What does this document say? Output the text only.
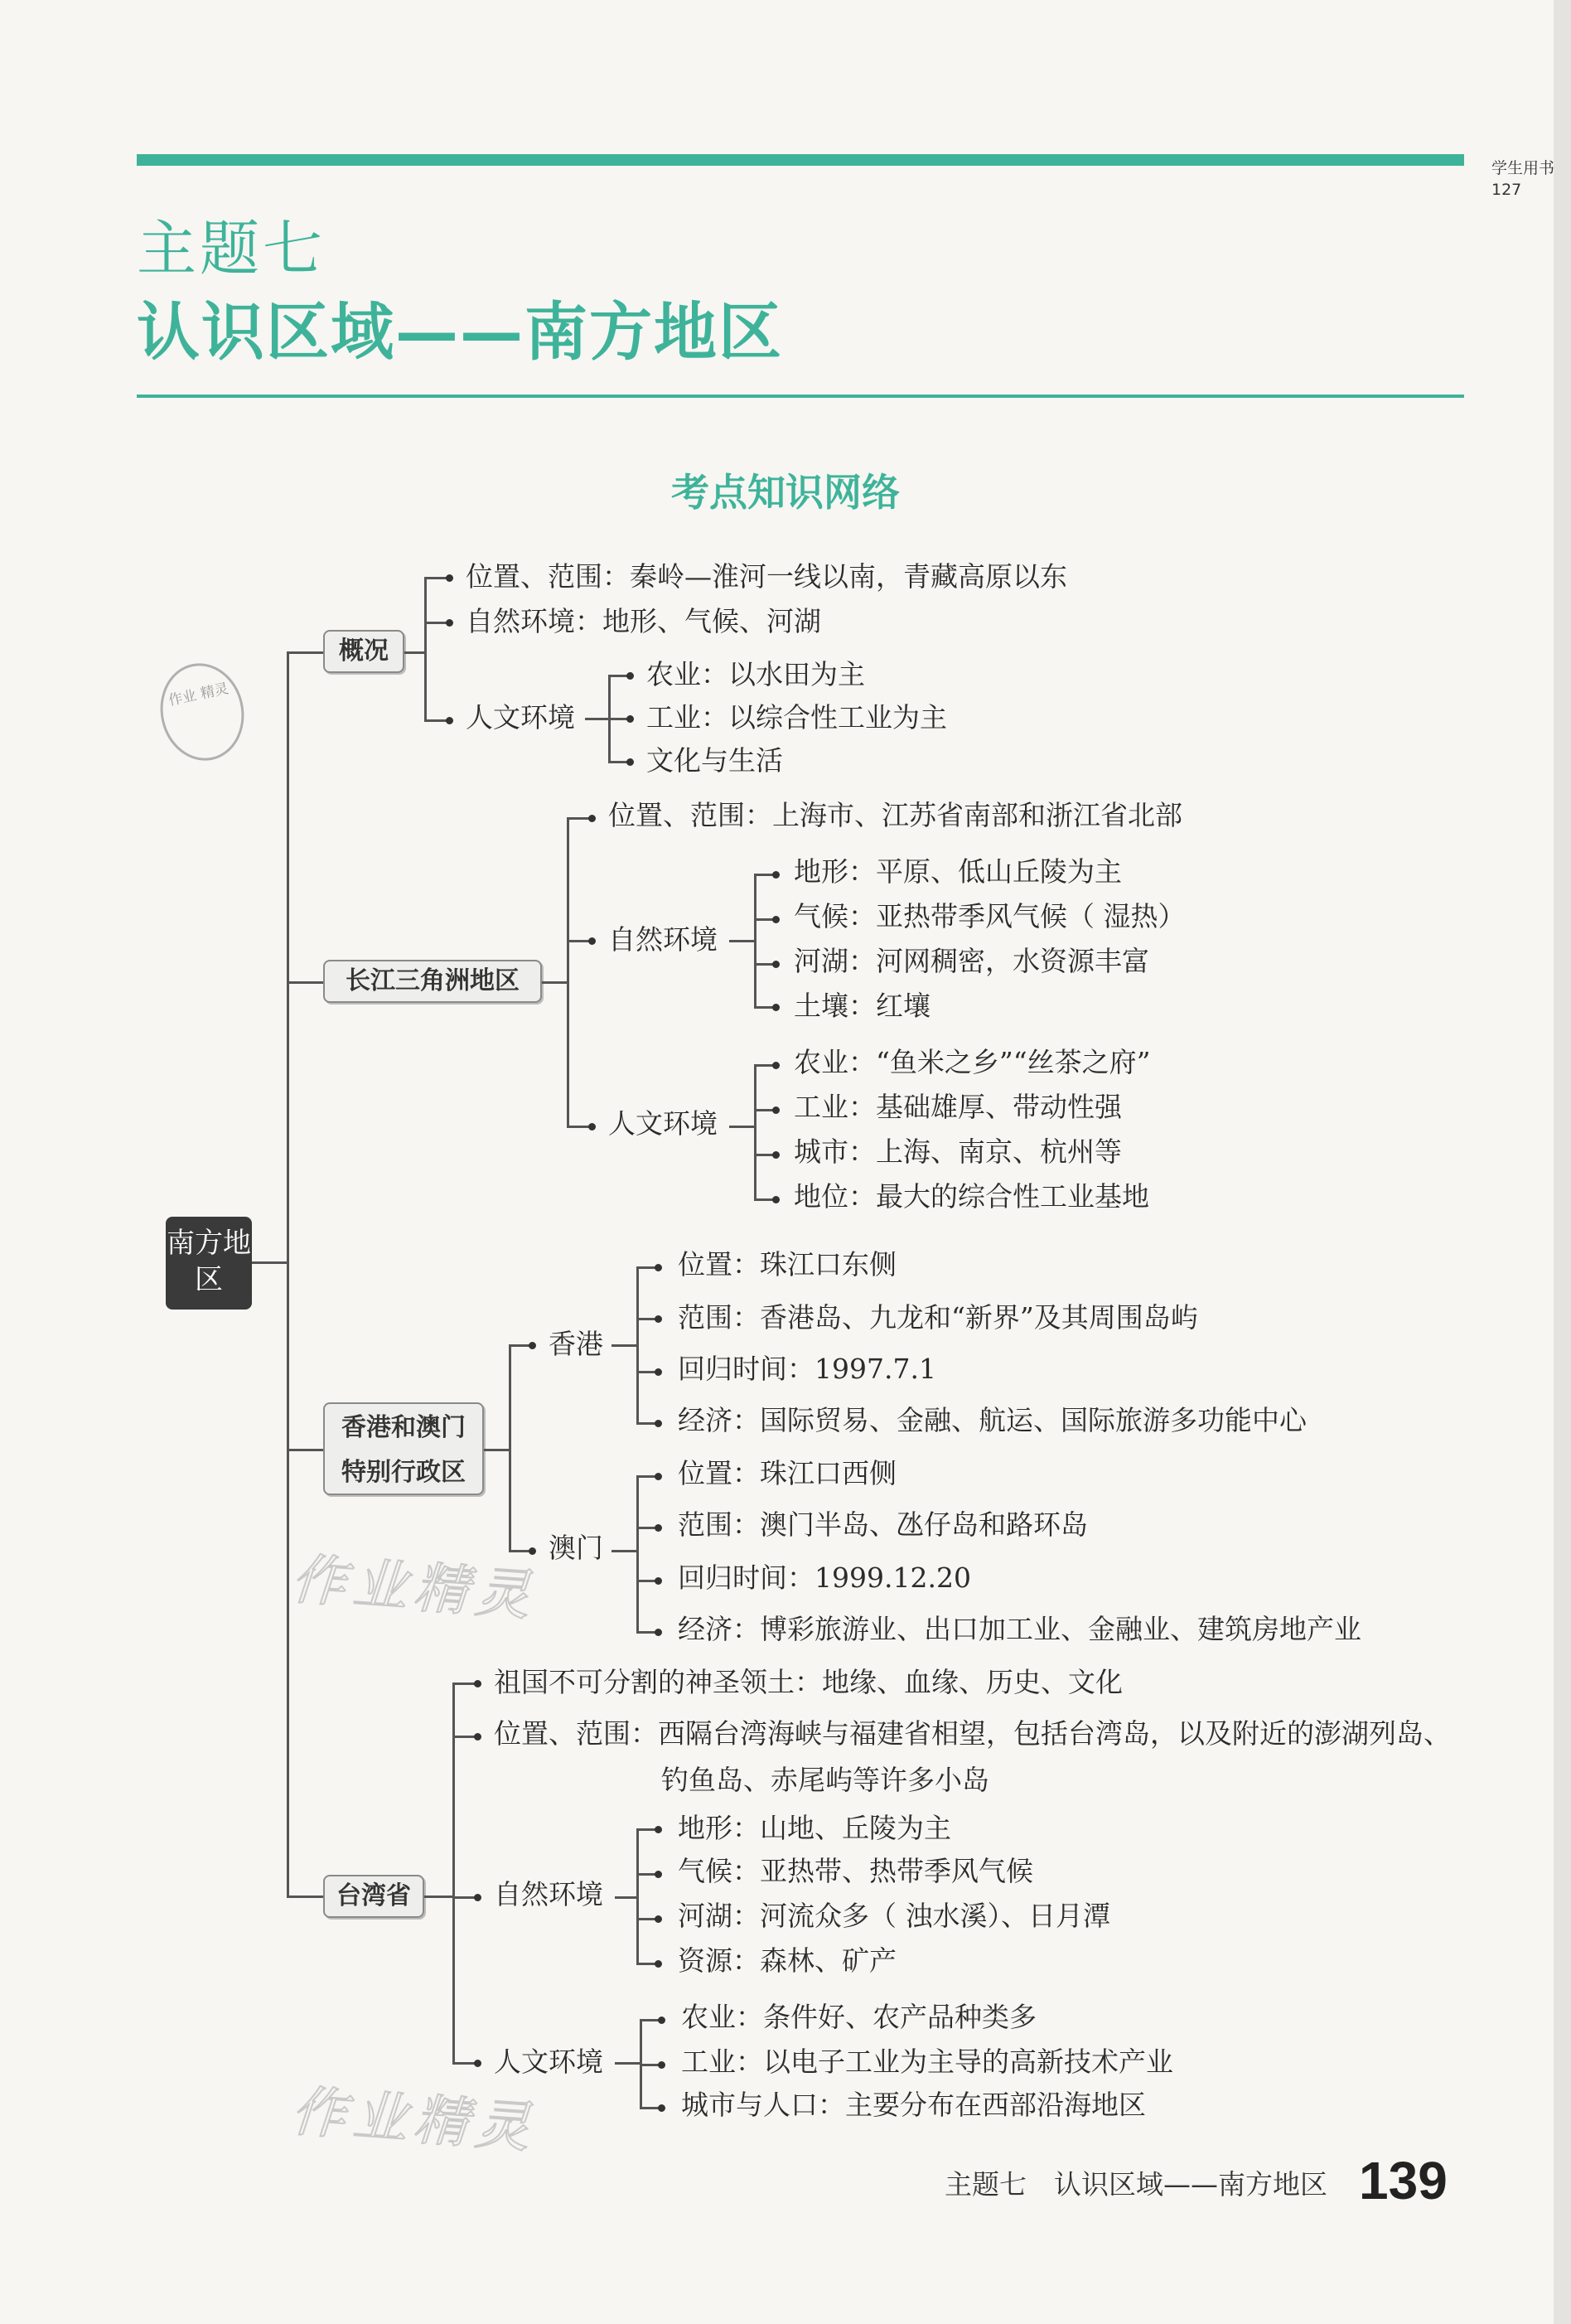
学生用书
127
主题七
认识区域——南方地区
考点知识网络
作业 精灵
南方地区
概况
位置、范围：秦岭—淮河一线以南，青藏高原以东
自然环境：地形、气候、河湖
人文环境
农业：以水田为主
工业：以综合性工业为主
文化与生活
长江三角洲地区
位置、范围：上海市、江苏省南部和浙江省北部
自然环境
地形：平原、低山丘陵为主
气候：亚热带季风气候（ 湿热）
河湖：河网稠密，水资源丰富
土壤：红壤
人文环境
农业：“鱼米之乡”“丝茶之府”
工业：基础雄厚、带动性强
城市：上海、南京、杭州等
地位：最大的综合性工业基地
香港和澳门
特别行政区
香港
位置：珠江口东侧
范围：香港岛、九龙和“新界”及其周围岛屿
回归时间：1997.7.1
经济：国际贸易、金融、航运、国际旅游多功能中心
澳门
位置：珠江口西侧
范围：澳门半岛、氹仔岛和路环岛
回归时间：1999.12.20
经济：博彩旅游业、出口加工业、金融业、建筑房地产业
台湾省
祖国不可分割的神圣领土：地缘、血缘、历史、文化
位置、范围：西隔台湾海峡与福建省相望，包括台湾岛，以及附近的澎湖列岛、
钓鱼岛、赤尾屿等许多小岛
自然环境
地形：山地、丘陵为主
气候：亚热带、热带季风气候
河湖：河流众多（ 浊水溪）、日月潭
资源：森林、矿产
人文环境
农业：条件好、农产品种类多
工业：以电子工业为主导的高新技术产业
城市与人口：主要分布在西部沿海地区
作业精灵
作业精灵
主题七　认识区域——南方地区 139
